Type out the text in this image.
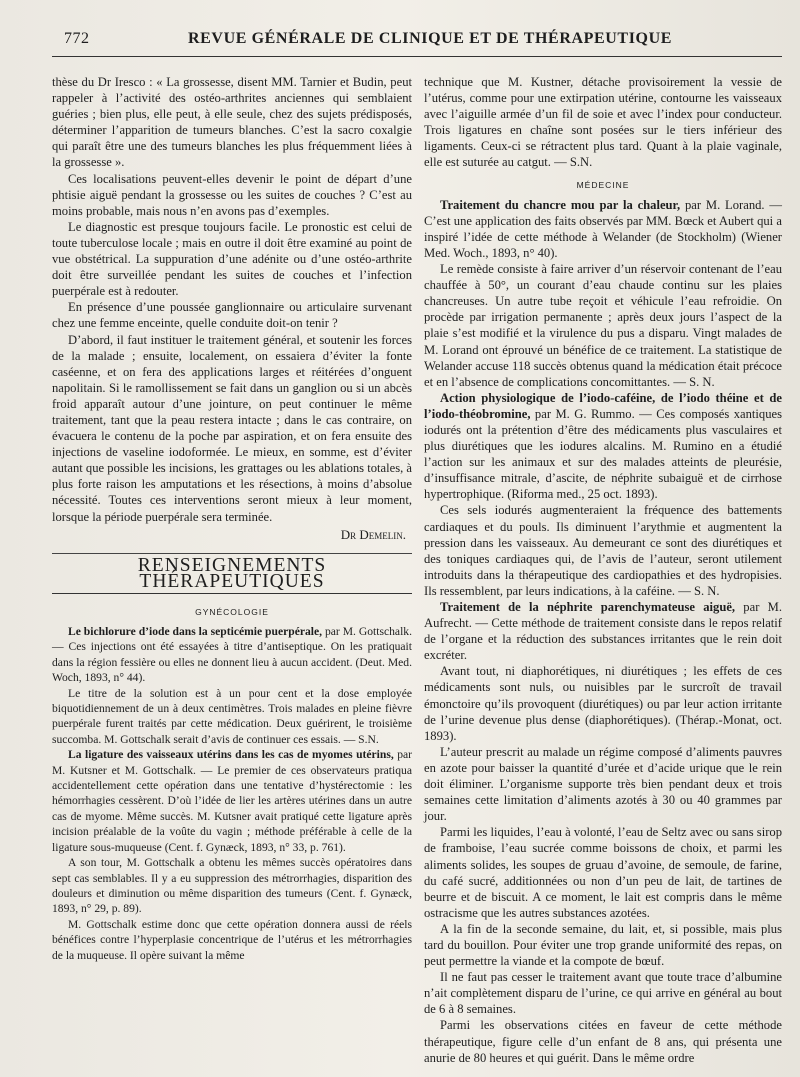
772	REVUE GÉNÉRALE DE CLINIQUE ET DE THÉRAPEUTIQUE

thèse du Dr Iresco : « La grossesse, disent MM. Tarnier et Budin, peut rappeler à l’activité des ostéo-arthrites anciennes qui semblaient guéries ; bien plus, elle peut, à elle seule, chez des sujets prédisposés, déterminer l’apparition de tumeurs blanches. C’est la sacro coxalgie qui paraît être une des tumeurs blanches les plus fréquemment liées à la grossesse ».

Ces localisations peuvent-elles devenir le point de départ d’une phtisie aiguë pendant la grossesse ou les suites de couches ? C’est au moins probable, mais nous n’en avons pas d’exemples.

Le diagnostic est presque toujours facile. Le pronostic est celui de toute tuberculose locale ; mais en outre il doit être examiné au point de vue obstétrical. La suppuration d’une adénite ou d’une ostéo-arthrite doit être surveillée pendant les suites de couches et l’infection puerpérale est à redouter.

En présence d’une poussée ganglionnaire ou articulaire survenant chez une femme enceinte, quelle conduite doit-on tenir ?

D’abord, il faut instituer le traitement général, et soutenir les forces de la malade ; ensuite, localement, on essaiera d’éviter la fonte caséenne, et on fera des applications larges et réitérées d’onguent napolitain. Si le ramollissement se fait dans un ganglion ou si un abcès froid apparaît autour d’une jointure, on peut continuer le même traitement, tant que la peau restera intacte ; dans le cas contraire, on évacuera le contenu de la poche par aspiration, et on fera ensuite des injections de vaseline iodoformée. Le mieux, en somme, est d’éviter autant que possible les incisions, les grattages ou les ablations totales, à plus forte raison les amputations et les résections, à moins d’absolue nécessité. Toutes ces interventions seront mieux à leur moment, lorsque la période puerpérale sera terminée.

Dr Demelin.
RENSEIGNEMENTS THÉRAPEUTIQUES
GYNÉCOLOGIE

Le bichlorure d’iode dans la septicémie puerpérale, par M. Gottschalk. — Ces injections ont été essayées à titre d’antiseptique. On les pratiquait dans la région fessière ou elles ne donnent lieu à aucun accident. (Deut. Med. Woch, 1893, n° 44).

Le titre de la solution est à un pour cent et la dose employée biquotidiennement de un à deux centimètres. Trois malades en pleine fièvre puerpérale furent traités par cette médication. Deux guérirent, le troisième succomba. M. Gottschalk serait d’avis de continuer ces essais. — S.N.

La ligature des vaisseaux utérins dans les cas de myomes utérins, par M. Kutsner et M. Gottschalk. — Le premier de ces observateurs pratiqua accidentellement cette opération dans une tentative d’hystérectomie : les hémorrhagies cessèrent. D’où l’idée de lier les artères utérines dans un autre cas de myome. Même succès. M. Kutsner avait pratiqué cette ligature après incision préalable de la voûte du vagin ; méthode préférable à celle de la ligature sous-muqueuse (Cent. f. Gynæck, 1893, n° 33, p. 761).

A son tour, M. Gottschalk a obtenu les mêmes succès opératoires dans sept cas semblables. Il y a eu suppression des métrorrhagies, disparition des douleurs et diminution ou même disparition des tumeurs (Cent. f. Gynæck, 1893, n° 29, p. 89).

M. Gottschalk estime donc que cette opération donnera aussi de réels bénéfices contre l’hyperplasie concentrique de l’utérus et les métrorrhagies de la muqueuse. Il opère suivant la même

technique que M. Kustner, détache provisoirement la vessie de l’utérus, comme pour une extirpation utérine, contourne les vaisseaux avec l’aiguille armée d’un fil de soie et avec l’index pour conducteur. Trois ligatures en chaîne sont posées sur le tiers inférieur des ligaments. Ceux-ci se rétractent plus tard. Quant à la plaie vaginale, elle est suturée au catgut. — S.N.

MÉDECINE

Traitement du chancre mou par la chaleur, par M. Lorand. — C’est une application des faits observés par MM. Bœck et Aubert qui a inspiré l’idée de cette méthode à Welander (de Stockholm) (Wiener Med. Woch., 1893, n° 40).

Le remède consiste à faire arriver d’un réservoir contenant de l’eau chauffée à 50°, un courant d’eau chaude continu sur les plaies chancreuses. Un autre tube reçoit et véhicule l’eau refroidie. On procède par irrigation permanente ; après deux jours l’aspect de la plaie s’est modifié et la virulence du pus a disparu. Vingt malades de M. Lorand ont éprouvé un bénéfice de ce traitement. La statistique de Welander accuse 118 succès obtenus quand la médication était précoce et en l’absence de complications concomittantes. — S. N.

Action physiologique de l’iodo-caféine, de l’iodo théine et de l’iodo-théobromine, par M. G. Rummo. — Ces composés xantiques iodurés ont la prétention d’être des médicaments plus vasculaires et plus diurétiques que les iodures alcalins. M. Rumino en a étudié l’action sur les animaux et sur des malades atteints de pleurésie, d’insuffisance mitrale, d’ascite, de néphrite subaiguë et de cirrhose hypertrophique. (Riforma med., 25 oct. 1893).

Ces sels iodurés augmenteraient la fréquence des battements cardiaques et du pouls. Ils diminuent l’arythmie et augmentent la pression dans les vaisseaux. Au demeurant ce sont des diurétiques et des toniques cardiaques qui, de l’avis de l’auteur, seront utilement introduits dans la thérapeutique des cardiopathies et des hydropisies. Ils ressemblent, par leurs indications, à la caféine. — S. N.

Traitement de la néphrite parenchymateuse aiguë, par M. Aufrecht. — Cette méthode de traitement consiste dans le repos relatif de l’organe et la réduction des substances irritantes que le rein doit excréter.

Avant tout, ni diaphorétiques, ni diurétiques ; les effets de ces médicaments sont nuls, ou nuisibles par le surcroît de travail émonctoire qu’ils provoquent (diurétiques) ou par leur action irritante de l’urine devenue plus dense (diaphorétiques). (Thérap.-Monat, oct. 1893).

L’auteur prescrit au malade un régime composé d’aliments pauvres en azote pour baisser la quantité d’urée et d’acide urique que le rein doit éliminer. L’organisme supporte très bien pendant deux et trois semaines cette limitation d’aliments azotés à 30 ou 40 grammes par jour.

Parmi les liquides, l’eau à volonté, l’eau de Seltz avec ou sans sirop de framboise, l’eau sucrée comme boissons de choix, et parmi les aliments solides, les soupes de gruau d’avoine, de semoule, de farine, du café sucré, additionnées ou non d’un peu de lait, de tartines de beurre et de biscuit. A ce moment, le lait est compris dans le même ostracisme que les autres substances azotées.

A la fin de la seconde semaine, du lait, et, si possible, mais plus tard du bouillon. Pour éviter une trop grande uniformité des repas, on peut permettre la viande et la compote de bœuf.

Il ne faut pas cesser le traitement avant que toute trace d’albumine n’ait complètement disparu de l’urine, ce qui arrive en général au bout de 6 à 8 semaines.

Parmi les observations citées en faveur de cette méthode thérapeutique, figure celle d’un enfant de 8 ans, qui présenta une anurie de 80 heures et qui guérit. Dans le même ordre
